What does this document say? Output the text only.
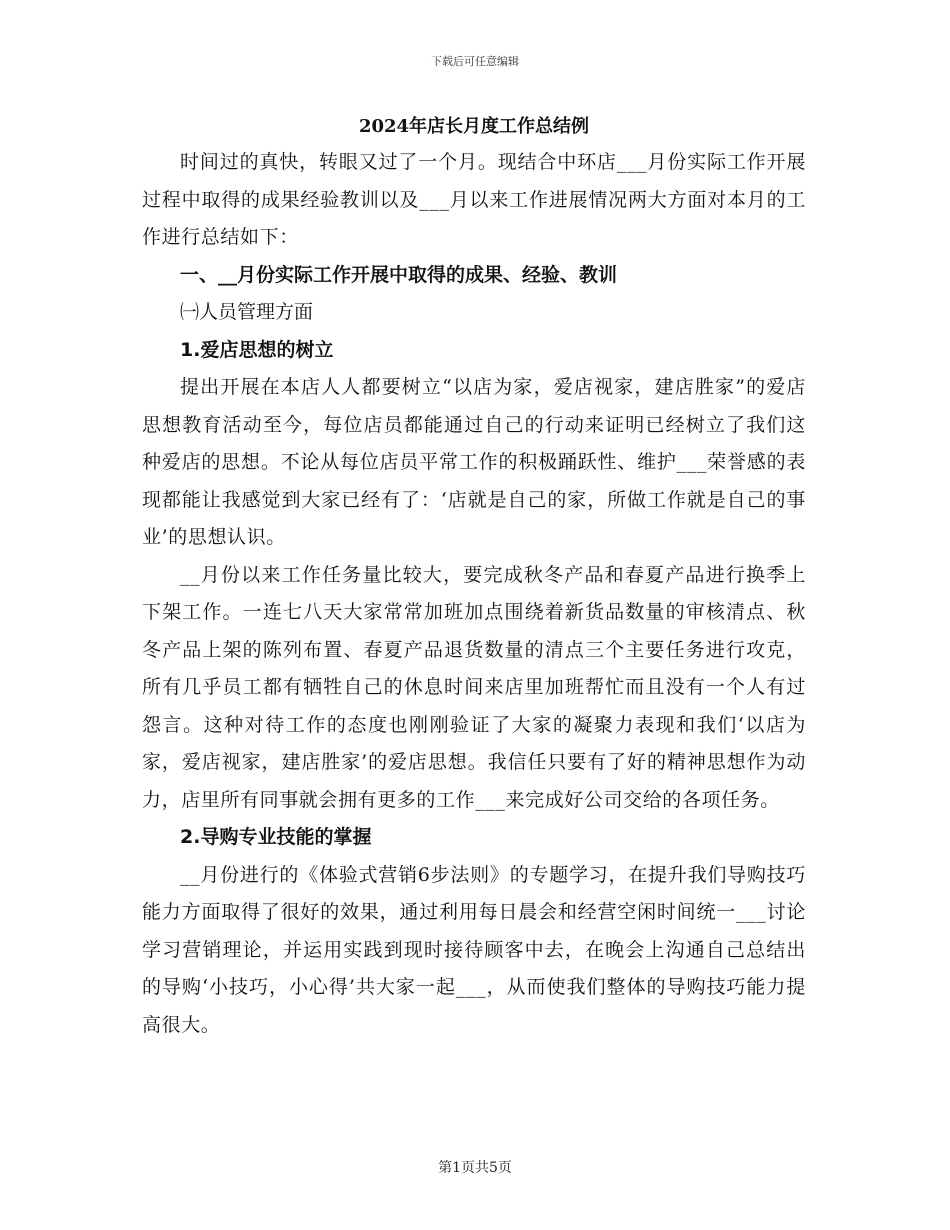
下载后可任意编辑
2024年店长月度工作总结例

时间过的真快，转眼又过了一个月。现结合中环店___月份实际工作开展过程中取得的成果经验教训以及___月以来工作进展情况两大方面对本月的工作进行总结如下：

一、__月份实际工作开展中取得的成果、经验、教训

㈠人员管理方面

1.爱店思想的树立

提出开展在本店人人都要树立“以店为家，爱店视家，建店胜家”的爱店思想教育活动至今，每位店员都能通过自己的行动来证明已经树立了我们这种爱店的思想。不论从每位店员平常工作的积极踊跃性、维护___荣誉感的表现都能让我感觉到大家已经有了：‘店就是自己的家，所做工作就是自己的事业’的思想认识。

__月份以来工作任务量比较大，要完成秋冬产品和春夏产品进行换季上下架工作。一连七八天大家常常加班加点围绕着新货品数量的审核清点、秋冬产品上架的陈列布置、春夏产品退货数量的清点三个主要任务进行攻克，所有几乎员工都有牺牲自己的休息时间来店里加班帮忙而且没有一个人有过怨言。这种对待工作的态度也刚刚验证了大家的凝聚力表现和我们‘以店为家，爱店视家，建店胜家’的爱店思想。我信任只要有了好的精神思想作为动力，店里所有同事就会拥有更多的工作___来完成好公司交给的各项任务。

2.导购专业技能的掌握

__月份进行的《体验式营销6步法则》的专题学习，在提升我们导购技巧能力方面取得了很好的效果，通过利用每日晨会和经营空闲时间统一___讨论学习营销理论，并运用实践到现时接待顾客中去，在晚会上沟通自己总结出的导购‘小技巧，小心得’共大家一起___，从而使我们整体的导购技巧能力提高很大。

第1页共5页
